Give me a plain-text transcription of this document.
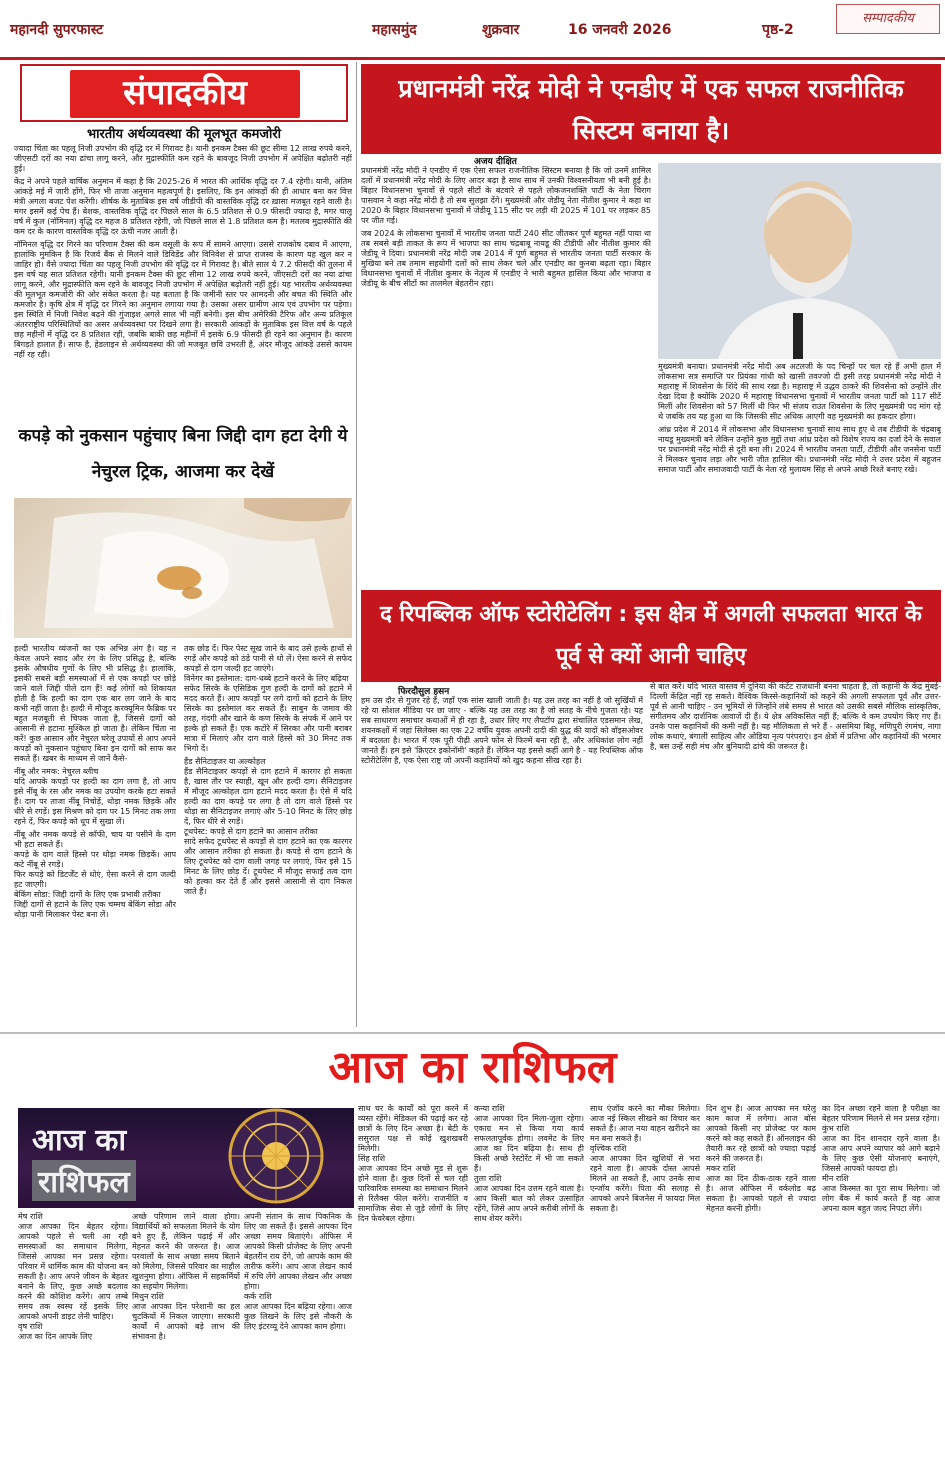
महानदी सुपरफास्ट	महासमुंद	शुक्रवार	16 जनवरी 2026	पृष्ठ-2
सम्पादकीय
संपादकीय
भारतीय अर्थव्यवस्था की मूलभूत कमजोरी

ज्यादा चिंता का पहलू निजी उपभोग की वृद्धि दर में गिरावट है। यानी इनकम टैक्स की छूट सीमा 12 लाख रुपये करने, जीएसटी दरों का नया ढांचा लागू करने, और मुद्रास्फीति कम रहने के बावजूद निजी उपभोग में अपेक्षित बढ़ोतरी नहीं हुई।

केंद्र ने अपने पहले वार्षिक अनुमान में कहा है कि 2025-26 में भारत की आर्थिक वृद्धि दर 7.4 रहेगी। यानी, अंतिम आंकड़े मई में जारी होंगे, फिर भी ताजा अनुमान महत्वपूर्ण है। इसलिए, कि इन आंकड़ों की ही आधार बना कर वित्त मंत्री अगला बजट पेश करेंगी। शीर्षक के मुताबिक इस वर्ष जीडीपी की वास्तविक वृद्धि दर ख़ासा मजबूत रहने वाली है। मगर इसमें कई पेच हैं। बेशक, वास्तविक वृद्धि दर पिछले साल के 6.5 प्रतिशत से 0.9 फीसदी ज्यादा है, मगर चालू वर्ष में कुल (नॉमिनल) वृद्धि दर महज 8 प्रतिशत रहेगी, जो पिछले साल से 1.8 प्रतिशत कम है। मतलब मुद्रास्फीति की कम दर के कारण वास्तविक वृद्धि दर ऊंची नजर आती है।

नॉमिनल वृद्धि दर गिरने का परिणाम टैक्स की कम वसूली के रूप में सामने आएगा। उससे राजकोष दबाव में आएगा, हालांकि मुमकिन है कि रिजर्व बैंक से मिलने वाले डिविडेंड और विनिवेश से प्राप्त राजस्व के कारण यह खुल कर न जाहिर हो। वैसे ज्यादा चिंता का पहलू निजी उपभोग की वृद्धि दर में गिरावट है। बीते साल ये 7.2 फीसदी की तुलना में इस वर्ष यह सात प्रतिशत रहेगी। यानी इनकम टैक्स की छूट सीमा 12 लाख रुपये करने, जीएसटी दरों का नया ढांचा लागू करने, और मुद्रास्फीति कम रहने के बावजूद निजी उपभोग में अपेक्षित बढ़ोतरी नहीं हुई। यह भारतीय अर्थव्यवस्था की मूलभूत कमजोरी की ओर संकेत करता है। यह बताता है कि जमीनी स्तर पर आमदनी और बचत की स्थिति और कमजोर है। कृषि क्षेत्र में वृद्धि दर गिरने का अनुमान लगाया गया है। उसका असर ग्रामीण आय एवं उपभोग पर पड़ेगा। इस स्थिति में निजी निवेश बढ़ने की गुंजाइश अगले साल भी नहीं बनेगी। इस बीच अमेरिकी टैरिफ और अन्य प्रतिकूल अंतरराष्ट्रीय परिस्थितियों का असर अर्थव्यवस्था पर दिखने लगा है। सरकारी आंकड़ों के मुताबिक इस वित्त वर्ष के पहले छह महीनों में वृद्धि दर 8 प्रतिशत रही, जबकि बाकी छह महीनों में इसके 6.9 फीसदी ही रहने का अनुमान है। कारण बिगड़ते हालात हैं। साफ है, हेडलाइन से अर्थव्यवस्था की जो मजबूत छवि उभरती है, अंदर मौजूद आंकड़े उससे कायम नहीं रह रही।

कपड़े को नुकसान पहुंचाए बिना जिद्दी दाग हटा देगी ये नेचुरल ट्रिक, आजमा कर देखें

हल्दी भारतीय व्यंजनों का एक अभिन्न अंग है। यह न केवल अपने स्वाद और रंग के लिए प्रसिद्ध है, बल्कि इसके औषधीय गुणों के लिए भी प्रसिद्ध है। हालांकि, इसकी सबसे बड़ी समस्याओं में से एक कपड़ों पर छोड़े जाने वाले जिद्दी पीले दाग हैं! कई लोगों को शिकायत होती है कि हल्दी का दाग एक बार लग जाने के बाद कभी नहीं जाता है। हल्दी में मौजूद करक्यूमिन फैब्रिक पर बहुत मजबूती से चिपक जाता है, जिससे दागों को आसानी से हटाना मुश्किल हो जाता है। लेकिन चिंता ना करें! कुछ आसान और नेचुरल घरेलू उपायों से आप अपने कपड़ों को नुकसान पहुंचाए बिना इन दागों को साफ कर सकते हैं। खबर के माध्यम से जानें कैसे-

नींबू और नमक: नेचुरल ब्लीच
यदि आपके कपड़ों पर हल्दी का दाग लगा है, तो आप इसे नींबू के रस और नमक का उपयोग करके हटा सकते हैं। दाग पर ताजा नींबू निचोड़ें, थोड़ा नमक छिड़कें और धीरे से रगड़ें। इस मिश्रण को दाग पर 15 मिनट तक लगा रहने दें, फिर कपड़े को धूप में सुखा लें।

नींबू और नमक कपड़े से कॉफी, चाय या पसीने के दाग भी हटा सकते हैं।
कपड़े के दाग वाले हिस्से पर थोड़ा नमक छिड़कें। आप कटे नींबू से रगड़ें।
फिर कपड़े को डिटर्जेंट से धोएं, ऐसा करने से दाग जल्दी हट जाएगी।
बेकिंग सोडा: जिद्दी दागों के लिए एक प्रभावी तरीका
जिद्दी दागों से हटाने के लिए एक चम्मच बेकिंग सोडा और थोड़ा पानी मिलाकर पेस्ट बना लें।

तक छोड़ दें। फिर पेस्ट सूख जाने के बाद उसे हल्के हाथों से रगड़ें और कपड़े को ठंडे पानी से धो लें। ऐसा करने से सफेद कपड़ों से दाग जल्दी हट जाएंगे।
विनेगर का इस्तेमाल: दाग-धब्बे हटाने करने के लिए बढ़िया
सफेद सिरके के एसिडिक गुण हल्दी के दागों को हटाने में मदद करते हैं। आप कपड़ों पर लगे दागों को हटाने के लिए सिरके का इस्तेमाल कर सकते हैं। साबुन के जमाव की तरह, गंदगी और खाने के कण सिरके के संपर्क में आने पर हल्के हो सकते हैं। एक कटोरे में सिरका और पानी बराबर मात्रा में मिलाएं और दाग वाले हिस्से को 30 मिनट तक भिगो दें।

हैंड सैनिटाइजर या अल्कोहल
हैंड सैनिटाइजर कपड़ों से दाग हटाने में कारगर हो सकता है, खास तौर पर स्याही, खून और हल्दी दाग। सैनिटाइजर में मौजूद अल्कोहल दाग हटाने मदद करता है। ऐसे में यदि हल्दी का दाग कपड़े पर लगा है तो दाग वाले हिस्से पर थोड़ा सा सैनिटाइजर लगाएं और 5-10 मिनट के लिए छोड़ दें, फिर धीरे से रगड़ें।
टूथपेस्ट: कपड़े से दाग हटाने का आसान तरीका
सादे सफेद टूथपेस्ट से कपड़ों से दाग हटाने का एक कारगर और आसान तरीका हो सकता है। कपड़े से दाग हटाने के लिए टूथपेस्ट को दाग वाली जगह पर लगाएं, फिर इसे 15 मिनट के लिए छोड़ दें। टूथपेस्ट में मौजूद सफाई तत्व दाग को हल्का कर देते हैं और इससे आसानी से दाग निकल जाते हैं।

प्रधानमंत्री नरेंद्र मोदी ने एनडीए में एक सफल राजनीतिक सिस्टम बनाया है।
अजय दीक्षित

प्रधानमंत्री नरेंद्र मोदी ने एनडीए में एक ऐसा सफल राजनीतिक सिस्टम बनाया है कि जो उनमें शामिल दलों में प्रधानमंत्री नरेंद्र मोदी के लिए आदर बढ़ा है साथ साथ में उनकी विश्वसनीयता भी बनी हुई है। बिहार विधानसभा चुनावों से पहले सीटों के बंटवारे से पहले लोकजनशक्ति पार्टी के नेता चिराग पासवान ने कहा नरेंद्र मोदी है तो सब सुलझा देंगे। मुख्यमंत्री और जेडीयू नेता नीतीश कुमार ने कहा था 2020 के बिहार विधानसभा चुनावों में जेडीयू 115 सीट पर लड़ी थी 2025 में 101 पर लड़कर 85 पर जीत गई।

जब 2024 के लोकसभा चुनावों में भारतीय जनता पार्टी 240 सीट जीतकर पूर्ण बहुमत नहीं पाया था तब सबसे बड़ी ताकत के रूप में भाजपा का साथ चंद्रबाबू नायडू की टीडीपी और नीतीश कुमार की जेडीयू ने दिया। प्रधानमंत्री नरेंद्र मोदी जब 2014 में पूर्ण बहुमत से भारतीय जनता पार्टी सरकार के मुखिया बने तब तमाम सहयोगी दलों को साथ लेकर चले और एनडीए का कुनबा बढ़ता रहा। बिहार विधानसभा चुनावों में नीतीश कुमार के नेतृत्व में एनडीए ने भारी बहुमत हासिल किया और भाजपा व जेडीयू के बीच सीटों का तालमेल बेहतरीन रहा।

मुख्यमंत्री बनाया। प्रधानमंत्री नरेंद्र मोदी अब अटलजी के पद चिन्हों पर चल रहे हैं अभी हाल में लोकसभा सत्र समाप्ति पर प्रियंका गांधी को खासी तवज्जो दी इसी तरह प्रधानमंत्री नरेंद्र मोदी ने महाराष्ट्र में शिवसेना के शिंदे की साथ रखा है। महाराष्ट्र में उद्धव ठाकरे की शिवसेना को उन्होंने तीर देखा दिया है क्योंकि 2020 में महाराष्ट्र विधानसभा चुनावों में भारतीय जनता पार्टी को 117 सीटें मिलीं और शिवसेना को 57 मिलीं थी फिर भी संजय राउत शिवसेना के लिए मुख्यमंत्री पद मांग रहे थे जबकि तय यह हुआ था कि जिसकी सीट अधिक आएगी वह मुख्यमंत्री का हकदार होगा।

आंध्र प्रदेश में 2014 में लोकसभा और विधानसभा चुनावों साथ साथ हुए थे तब टीडीपी के चंद्रबाबू नायडू मुख्यमंत्री बने लेकिन उन्होंने कुछ मुद्दों तथा आंध्र प्रदेश को विशेष राज्य का दर्जा देने के सवाल पर प्रधानमंत्री नरेंद्र मोदी से दूरी बना ली। 2024 में भारतीय जनता पार्टी, टीडीपी और जनसेना पार्टी ने मिलकर चुनाव लड़ा और भारी जीत हासिल की। प्रधानमंत्री नरेंद्र मोदी ने उत्तर प्रदेश में बहुजन समाज पार्टी और समाजवादी पार्टी के नेता रहे मुलायम सिंह से अपने अच्छे रिश्ते बनाए रखे।

द रिपब्लिक ऑफ स्टोरीटेलिंग : इस क्षेत्र में अगली सफलता भारत के पूर्व से क्यों आनी चाहिए
फिरदौसुल हसन
हम उस दौर से गुजर रहे हैं, जहाँ एक सांस खाली जाती है। यह उस तरह का नहीं है जो सुर्खियों में रहे या सोशल मीडिया पर छा जाए - बल्कि यह उस तरह का है जो सतह के नीचे गुजता रहे। यह सब साधारण समाचार कथाओं में ही रहा है, उधार लिए गए लैपटॉप द्वारा संचालित एडसमान लेख, शयनकक्षों में जहां सिलेक्स का एक 22 वर्षीय युवक अपनी दादी की युद्ध की यादों को वॉइसओवर में बदलता है। भारत में एक पूरी पीढ़ी अपने फोन से फिल्में बना रही है, और अधिकांश लोग नहीं जानते हैं। हम इसे 'क्रिएटर इकोनॉमी' कहते हैं। लेकिन यह इससे कहीं आगे है - यह रिपब्लिक ऑफ स्टोरीटेलिंग है, एक ऐसा राष्ट्र जो अपनी कहानियों को खुद कहना सीख रहा है।
से बात करें। यदि भारत वास्तव में दुनिया की कंटेंट राजधानी बनना चाहता है, तो कहानी के केंद्र मुंबई-दिल्ली केंद्रित नहीं रह सकते। वैश्विक किस्से-कहानियों को कहने की अगली सफलता पूर्व और उत्तर-पूर्व से आनी चाहिए - उन भूमियों से जिन्होंने लंबे समय से भारत को उसकी सबसे मौलिक सांस्कृतिक, संगीतमय और दार्शनिक आवाजें दी हैं। ये क्षेत्र अविकसित नहीं हैं; बल्कि वे कम उपयोग किए गए हैं। उनके पास कहानियों की कमी नहीं है। यह मौलिकता से भरे हैं - असमिया बिहू, मणिपुरी रंगमंच, नागा लोक कथाएं, बंगाली साहित्य और ओडिया नृत्य परंपराएं। इन क्षेत्रों में प्रतिभा और कहानियों की भरमार है, बस उन्हें सही मंच और बुनियादी ढांचे की जरूरत है।
आज का राशिफल
आज का
राशिफल
मेष राशि
आज आपका दिन बेहतर रहेगा। आपको पहले से चली आ रही समस्याओं का समाधान मिलेगा, जिससे आपका मन प्रसन्न रहेगा। परिवार में धार्मिक काम की योजना बन सकती है। आप अपने जीवन के बेहतर बनाने के लिए, कुछ अच्छे बदलाव करने की कोशिश करेंगे। आप लम्बे समय तक स्वस्थ रहें इसके लिए आपको अपनी डाइट लेनी चाहिए।
वृष राशि
आज का दिन आपके लिए
अच्छे परिणाम लाने वाला होगा। विद्यार्थियों को सफलता मिलने के योग बने हुए हैं, लेकिन पढ़ाई में और मेहनत करने की जरूरत है। आज परवालों के साथ अच्छा समय बिताने को मिलेगा, जिससे परिवार का माहौल खुशनुमा होगा। ऑफिस में सहकर्मियों का सहयोग मिलेगा।
मिथुन राशि
आज आपका दिन परेशानी का हल चुटकियों में निकल जाएगा। सरकारी कार्यों में आपको बड़े लाभ की संभावना है।
अपनी संतान के साथ पिकनिक के लिए जा सकते हैं। इससे आपका दिन अच्छा समय बिताएंगे। ऑफिस में आपको किसी प्रोजेक्ट के लिए अपनी बेहतरीन राय देंगे, जो आपके काम की तारीफ करेंगे। आप आज लेखन कार्य में रुचि लेंगे आपका लेखन और अच्छा होगा।
कर्क राशि
आज आपका दिन बढ़िया रहेगा। आज कुछ लिखने के लिए इसे नौकरी के लिए इंटरव्यू देने आपका काम होगा।
साथ घर के कार्यों को पूरा करने में व्यस्त रहेंगे। मेडिकल की पढ़ाई कर रहे छात्रों के लिए दिन अच्छा है। बेटी के ससुराल पक्ष से कोई खुशखबरी मिलेगी।
सिंह राशि
आज आपका दिन अच्छे मूड से शुरू होने वाला है। कुछ दिनों से चल रही पारिवारिक समस्या का समाधान मिलने से रिलैक्स फील करेंगे। राजनीति व सामाजिक सेवा से जुड़े लोगों के लिए दिन फेवरेबल रहेगा।
कन्या राशि
आज आपका दिन मिला-जुला रहेगा। एकाग्र मन से किया गया कार्य सफलतापूर्वक होगा। लवमेट के लिए आज का दिन बढ़िया है। साथ ही किसी अच्छे रेस्टोरेंट में भी जा सकते हैं।
तुला राशि
आज आपका दिन उत्तम रहने वाला है। आप किसी बात को लेकर उत्साहित रहेंगे, जिसे आप अपने करीबी लोगों के साथ शेयर करेंगे।
साथ एंजॉय करने का मौका मिलेगा। आज नई स्किल सीखने का विचार कर सकते हैं। आज नया वाहन खरीदने का मन बना सकते हैं।
वृश्चिक राशि
आज आपका दिन खुशियों से भरा रहने वाला है। आपके दोस्त आपसे मिलने आ सकते हैं, आप उनके साथ एन्जॉय करेंगे। पिता की सलाह से आपको अपने बिजनेस में फायदा मिल सकता है।
दिन शुभ है। आज आपका मन घरेलू काम काज में लगेगा। आज बॉस आपको किसी नए प्रोजेक्ट पर काम करने को कह सकते हैं। ऑनलाइन की तैयारी कर रहे छात्रों को ज्यादा पढ़ाई करने की जरूरत है।
मकर राशि
आज का दिन ठीक-ठाक रहने वाला है। आज ऑफिस में वर्कलोड बढ़ सकता है। आपको पहले से ज्यादा मेहनत करनी होगी।
का दिन अच्छा रहने वाला है परीक्षा का बेहतर परिणाम मिलने से मन प्रसन्न रहेगा।
कुंभ राशि
आज का दिन शानदार रहने वाला है। आज आप अपने व्यापार को आगे बढ़ाने के लिए कुछ ऐसी योजनाएं बनाएंगे, जिससे आपको फायदा हो।
मीन राशि
आज किस्मत का पूरा साथ मिलेगा। जो लोग बैंक में कार्य करते हैं वह आज अपना काम बहुत जल्द निपटा लेंगे।
